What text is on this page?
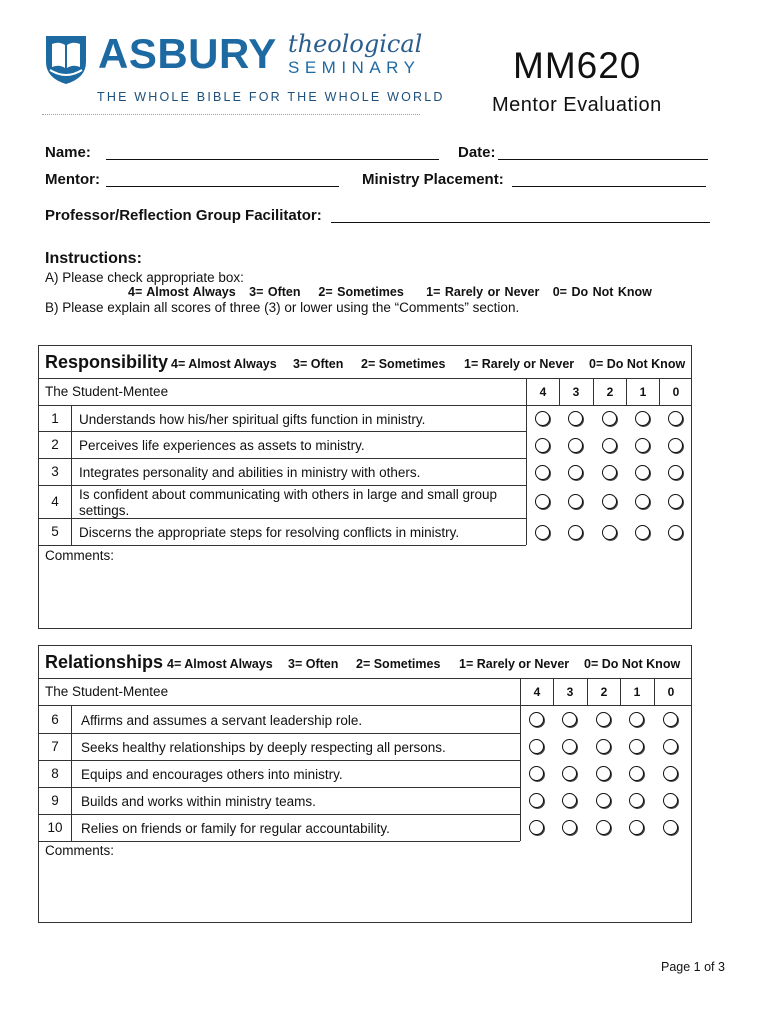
ASBURY theological
SEMINARY
THE WHOLE BIBLE FOR THE WHOLE WORLD
MM620
Mentor Evaluation
Name:	Date:
Mentor:	Ministry Placement:
Professor/Reflection Group Facilitator:
Instructions:
A) Please check appropriate box:
4= Almost Always   3= Often    2= Sometimes     1= Rarely or Never   0= Do Not Know
B) Please explain all scores of three (3) or lower using the “Comments” section.
Responsibility 4= Almost Always 3= Often 2= Sometimes 1= Rarely or Never 0= Do Not Know
The Student-Mentee	4	3	2	1	0
1	Understands how his/her spiritual gifts function in ministry.
2	Perceives life experiences as assets to ministry.
3	Integrates personality and abilities in ministry with others.
4	Is confident about communicating with others in large and small group settings.
5	Discerns the appropriate steps for resolving conflicts in ministry.
Comments:
Relationships 4= Almost Always 3= Often 2= Sometimes 1= Rarely or Never 0= Do Not Know
The Student-Mentee	4	3	2	1	0
6	Affirms and assumes a servant leadership role.
7	Seeks healthy relationships by deeply respecting all persons.
8	Equips and encourages others into ministry.
9	Builds and works within ministry teams.
10	Relies on friends or family for regular accountability.
Comments:
Page 1 of 3
